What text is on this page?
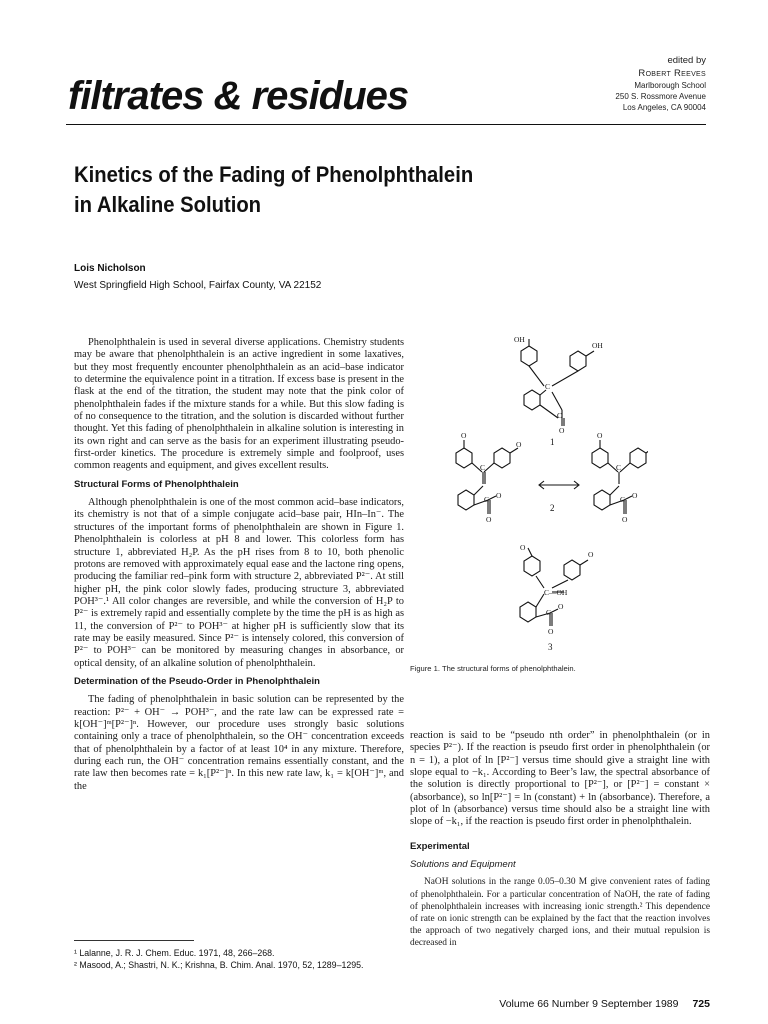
filtrates & residues
edited by
Robert Reeves
Marlborough School
250 S. Rossmore Avenue
Los Angeles, CA 90004
Kinetics of the Fading of Phenolphthalein
in Alkaline Solution
Lois Nicholson
West Springfield High School, Fairfax County, VA 22152

Phenolphthalein is used in several diverse applications. Chemistry students may be aware that phenolphthalein is an active ingredient in some laxatives, but they most frequently encounter phenolphthalein as an acid–base indicator to determine the equivalence point in a titration. If excess base is present in the flask at the end of the titration, the student may note that the pink color of phenolphthalein fades if the mixture stands for a while. But this slow fading is of no consequence to the titration, and the solution is discarded without further thought. Yet this fading of phenolphthalein in alkaline solution is interesting in its own right and can serve as the basis for an experiment illustrating pseudo-first-order kinetics. The procedure is extremely simple and foolproof, uses common reagents and equipment, and gives excellent results.

Structural Forms of Phenolphthalein

Although phenolphthalein is one of the most common acid–base indicators, its chemistry is not that of a simple conjugate acid–base pair, HIn–In⁻. The structures of the important forms of phenolphthalein are shown in Figure 1. Phenolphthalein is colorless at pH 8 and lower. This colorless form has structure 1, abbreviated H₂P. As the pH rises from 8 to 10, both phenolic protons are removed with approximately equal ease and the lactone ring opens, producing the familiar red–pink form with structure 2, abbreviated P²⁻. At still higher pH, the pink color slowly fades, producing structure 3, abbreviated POH³⁻.¹ All color changes are reversible, and while the conversion of H₂P to P²⁻ is extremely rapid and essentially complete by the time the pH is as high as 11, the conversion of P²⁻ to POH³⁻ at higher pH is sufficiently slow that its rate may be easily measured. Since P²⁻ is intensely colored, this conversion of P²⁻ to POH³⁻ can be monitored by measuring changes in absorbance, or optical density, of an alkaline solution of phenolphthalein.

Determination of the Pseudo-Order in Phenolphthalein

The fading of phenolphthalein in basic solution can be represented by the reaction: P²⁻ + OH⁻ → POH³⁻, and the rate law can be expressed rate = k[OH⁻]ᵐ[P²⁻]ⁿ. However, our procedure uses strongly basic solutions containing only a trace of phenolphthalein, so the OH⁻ concentration exceeds that of phenolphthalein by a factor of at least 10⁴ in any mixture. Therefore, during each run, the OH⁻ concentration remains essentially constant, and the rate law then becomes rate = k₁[P²⁻]ⁿ. In this new rate law, k₁ = k[OH⁻]ᵐ, and the

¹ Lalanne, J. R. J. Chem. Educ. 1971, 48, 266–268.
² Masood, A.; Shastri, N. K.; Krishna, B. Chim. Anal. 1970, 52, 1289–1295.
OH
OH
C
C
O
1
O
O
C
C O
O
2
O
C
C O
O
O
O
C—OH
C
O
O
3
Figure 1. The structural forms of phenolphthalein.

reaction is said to be “pseudo nth order” in phenolphthalein (or in species P²⁻). If the reaction is pseudo first order in phenolphthalein (or n = 1), a plot of ln [P²⁻] versus time should give a straight line with slope equal to −k₁. According to Beer’s law, the spectral absorbance of the solution is directly proportional to [P²⁻], or [P²⁻] = constant × (absorbance), so ln[P²⁻] = ln (constant) + ln (absorbance). Therefore, a plot of ln (absorbance) versus time should also be a straight line with slope of −k₁, if the reaction is pseudo first order in phenolphthalein.

Experimental
Solutions and Equipment

NaOH solutions in the range 0.05–0.30 M give convenient rates of fading of phenolphthalein. For a particular concentration of NaOH, the rate of fading of phenolphthalein increases with increasing ionic strength.² This dependence of rate on ionic strength can be explained by the fact that the reaction involves the approach of two negatively charged ions, and their mutual repulsion is decreased in

Volume 66 Number 9 September 1989 725
